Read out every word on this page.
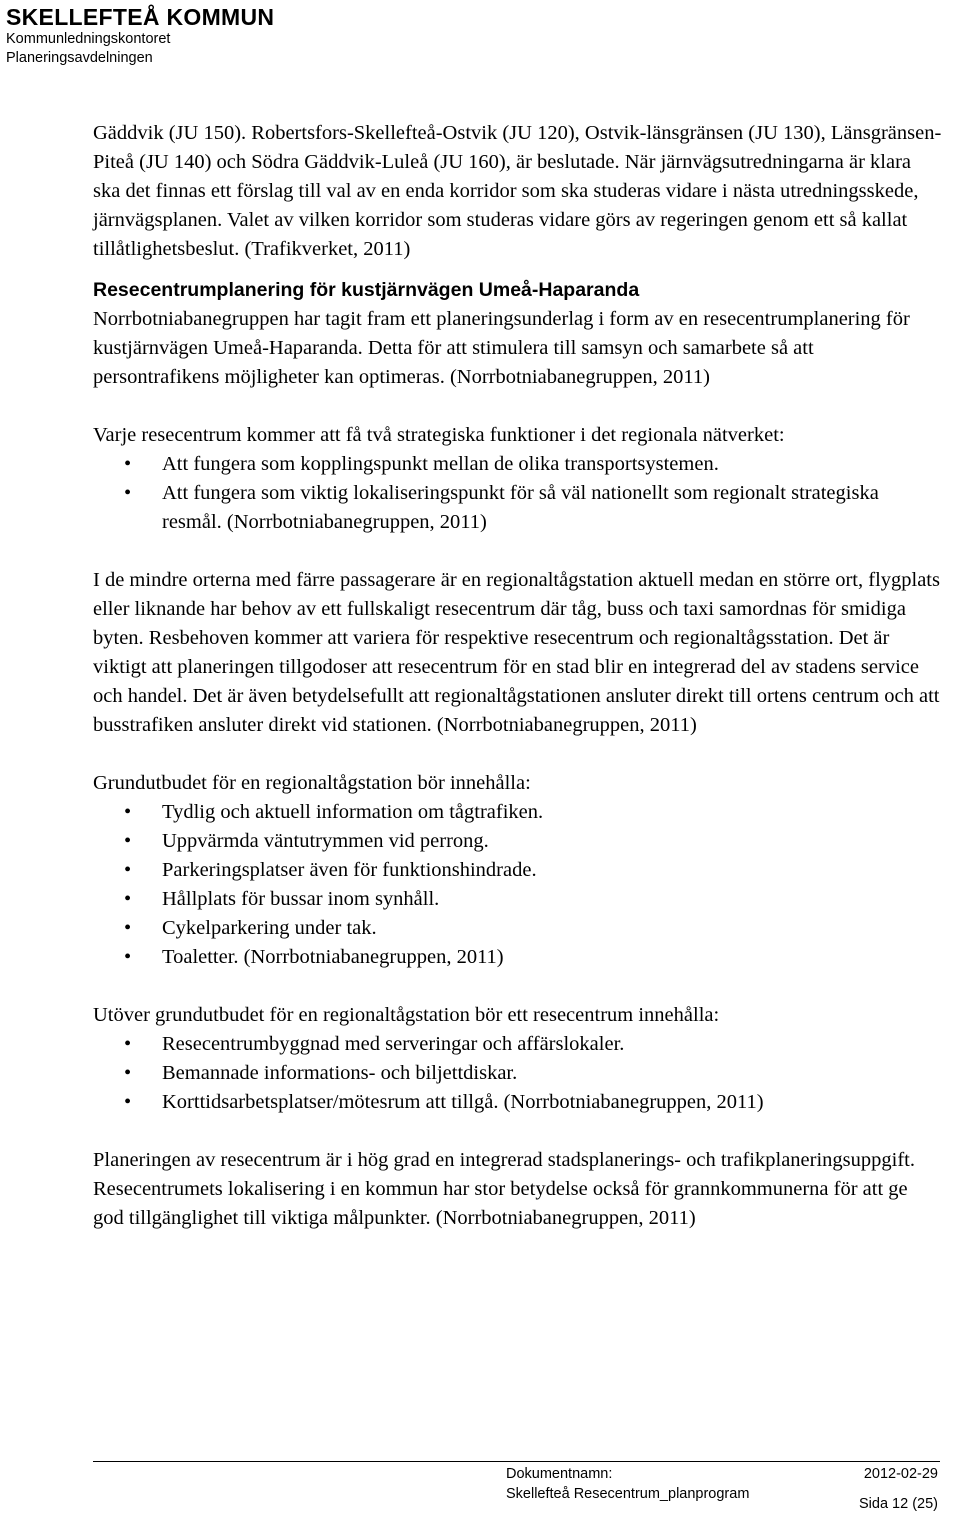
SKELLEFTEÅ KOMMUN
Kommunledningskontoret
Planeringsavdelningen

Gäddvik (JU 150). Robertsfors-Skellefteå-Ostvik (JU 120), Ostvik-länsgränsen (JU 130), Länsgränsen-Piteå (JU 140) och Södra Gäddvik-Luleå (JU 160), är beslutade. När järnvägsutredningarna är klara ska det finnas ett förslag till val av en enda korridor som ska studeras vidare i nästa utredningsskede, järnvägsplanen. Valet av vilken korridor som studeras vidare görs av regeringen genom ett så kallat tillåtlighetsbeslut. (Trafikverket, 2011)

Resecentrumplanering för kustjärnvägen Umeå-Haparanda

Norrbotniabanegruppen har tagit fram ett planeringsunderlag i form av en resecentrumplanering för kustjärnvägen Umeå-Haparanda. Detta för att stimulera till samsyn och samarbete så att persontrafikens möjligheter kan optimeras. (Norrbotniabanegruppen, 2011)

Varje resecentrum kommer att få två strategiska funktioner i det regionala nätverket:

• Att fungera som kopplingspunkt mellan de olika transportsystemen.
• Att fungera som viktig lokaliseringspunkt för så väl nationellt som regionalt strategiska resmål. (Norrbotniabanegruppen, 2011)

I de mindre orterna med färre passagerare är en regionaltågstation aktuell medan en större ort, flygplats eller liknande har behov av ett fullskaligt resecentrum där tåg, buss och taxi samordnas för smidiga byten. Resbehoven kommer att variera för respektive resecentrum och regionaltågsstation. Det är viktigt att planeringen tillgodoser att resecentrum för en stad blir en integrerad del av stadens service och handel. Det är även betydelsefullt att regionaltågstationen ansluter direkt till ortens centrum och att busstrafiken ansluter direkt vid stationen. (Norrbotniabanegruppen, 2011)

Grundutbudet för en regionaltågstation bör innehålla:

• Tydlig och aktuell information om tågtrafiken.
• Uppvärmda väntutrymmen vid perrong.
• Parkeringsplatser även för funktionshindrade.
• Hållplats för bussar inom synhåll.
• Cykelparkering under tak.
• Toaletter. (Norrbotniabanegruppen, 2011)

Utöver grundutbudet för en regionaltågstation bör ett resecentrum innehålla:

• Resecentrumbyggnad med serveringar och affärslokaler.
• Bemannade informations- och biljettdiskar.
• Korttidsarbetsplatser/mötesrum att tillgå. (Norrbotniabanegruppen, 2011)

Planeringen av resecentrum är i hög grad en integrerad stadsplanerings- och trafikplaneringsuppgift. Resecentrumets lokalisering i en kommun har stor betydelse också för grannkommunerna för att ge god tillgänglighet till viktiga målpunkter. (Norrbotniabanegruppen, 2011)

Dokumentnamn:	2012-02-29
Skellefteå Resecentrum_planprogram
Sida 12 (25)
